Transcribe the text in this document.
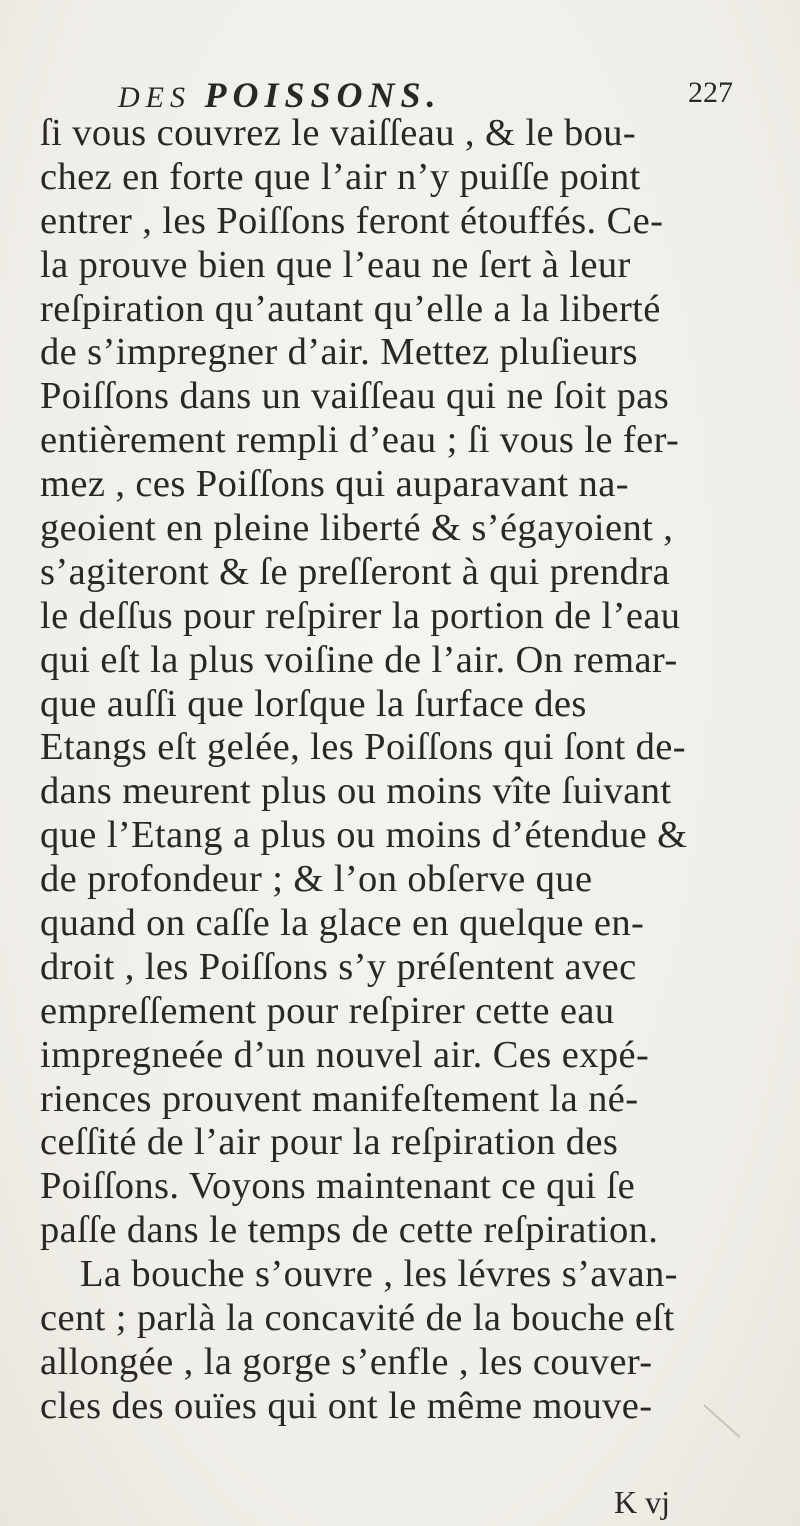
DES POISSONS.	227
ſi vous couvrez le vaiſſeau , & le bou-
chez en forte que l’air n’y puiſſe point
entrer , les Poiſſons feront étouffés. Ce-
la prouve bien que l’eau ne ſert à leur
reſpiration qu’autant qu’elle a la liberté
de s’impregner d’air. Mettez pluſieurs
Poiſſons dans un vaiſſeau qui ne ſoit pas
entièrement rempli d’eau ; ſi vous le fer-
mez , ces Poiſſons qui auparavant na-
geoient en pleine liberté & s’égayoient ,
s’agiteront & ſe preſſeront à qui prendra
le deſſus pour reſpirer la portion de l’eau
qui eſt la plus voiſine de l’air. On remar-
que auſſi que lorſque la ſurface des
Etangs eſt gelée, les Poiſſons qui ſont de-
dans meurent plus ou moins vîte ſuivant
que l’Etang a plus ou moins d’étendue &
de profondeur ; & l’on obſerve que
quand on caſſe la glace en quelque en-
droit , les Poiſſons s’y préſentent avec
empreſſement pour reſpirer cette eau
impregneée d’un nouvel air. Ces expé-
riences prouvent manifeſtement la né-
ceſſité de l’air pour la reſpiration des
Poiſſons. Voyons maintenant ce qui ſe
paſſe dans le temps de cette reſpiration.
La bouche s’ouvre , les lévres s’avan-
cent ; parlà la concavité de la bouche eſt
allongée , la gorge s’enfle , les couver-
cles des ouïes qui ont le même mouve-
K vj
